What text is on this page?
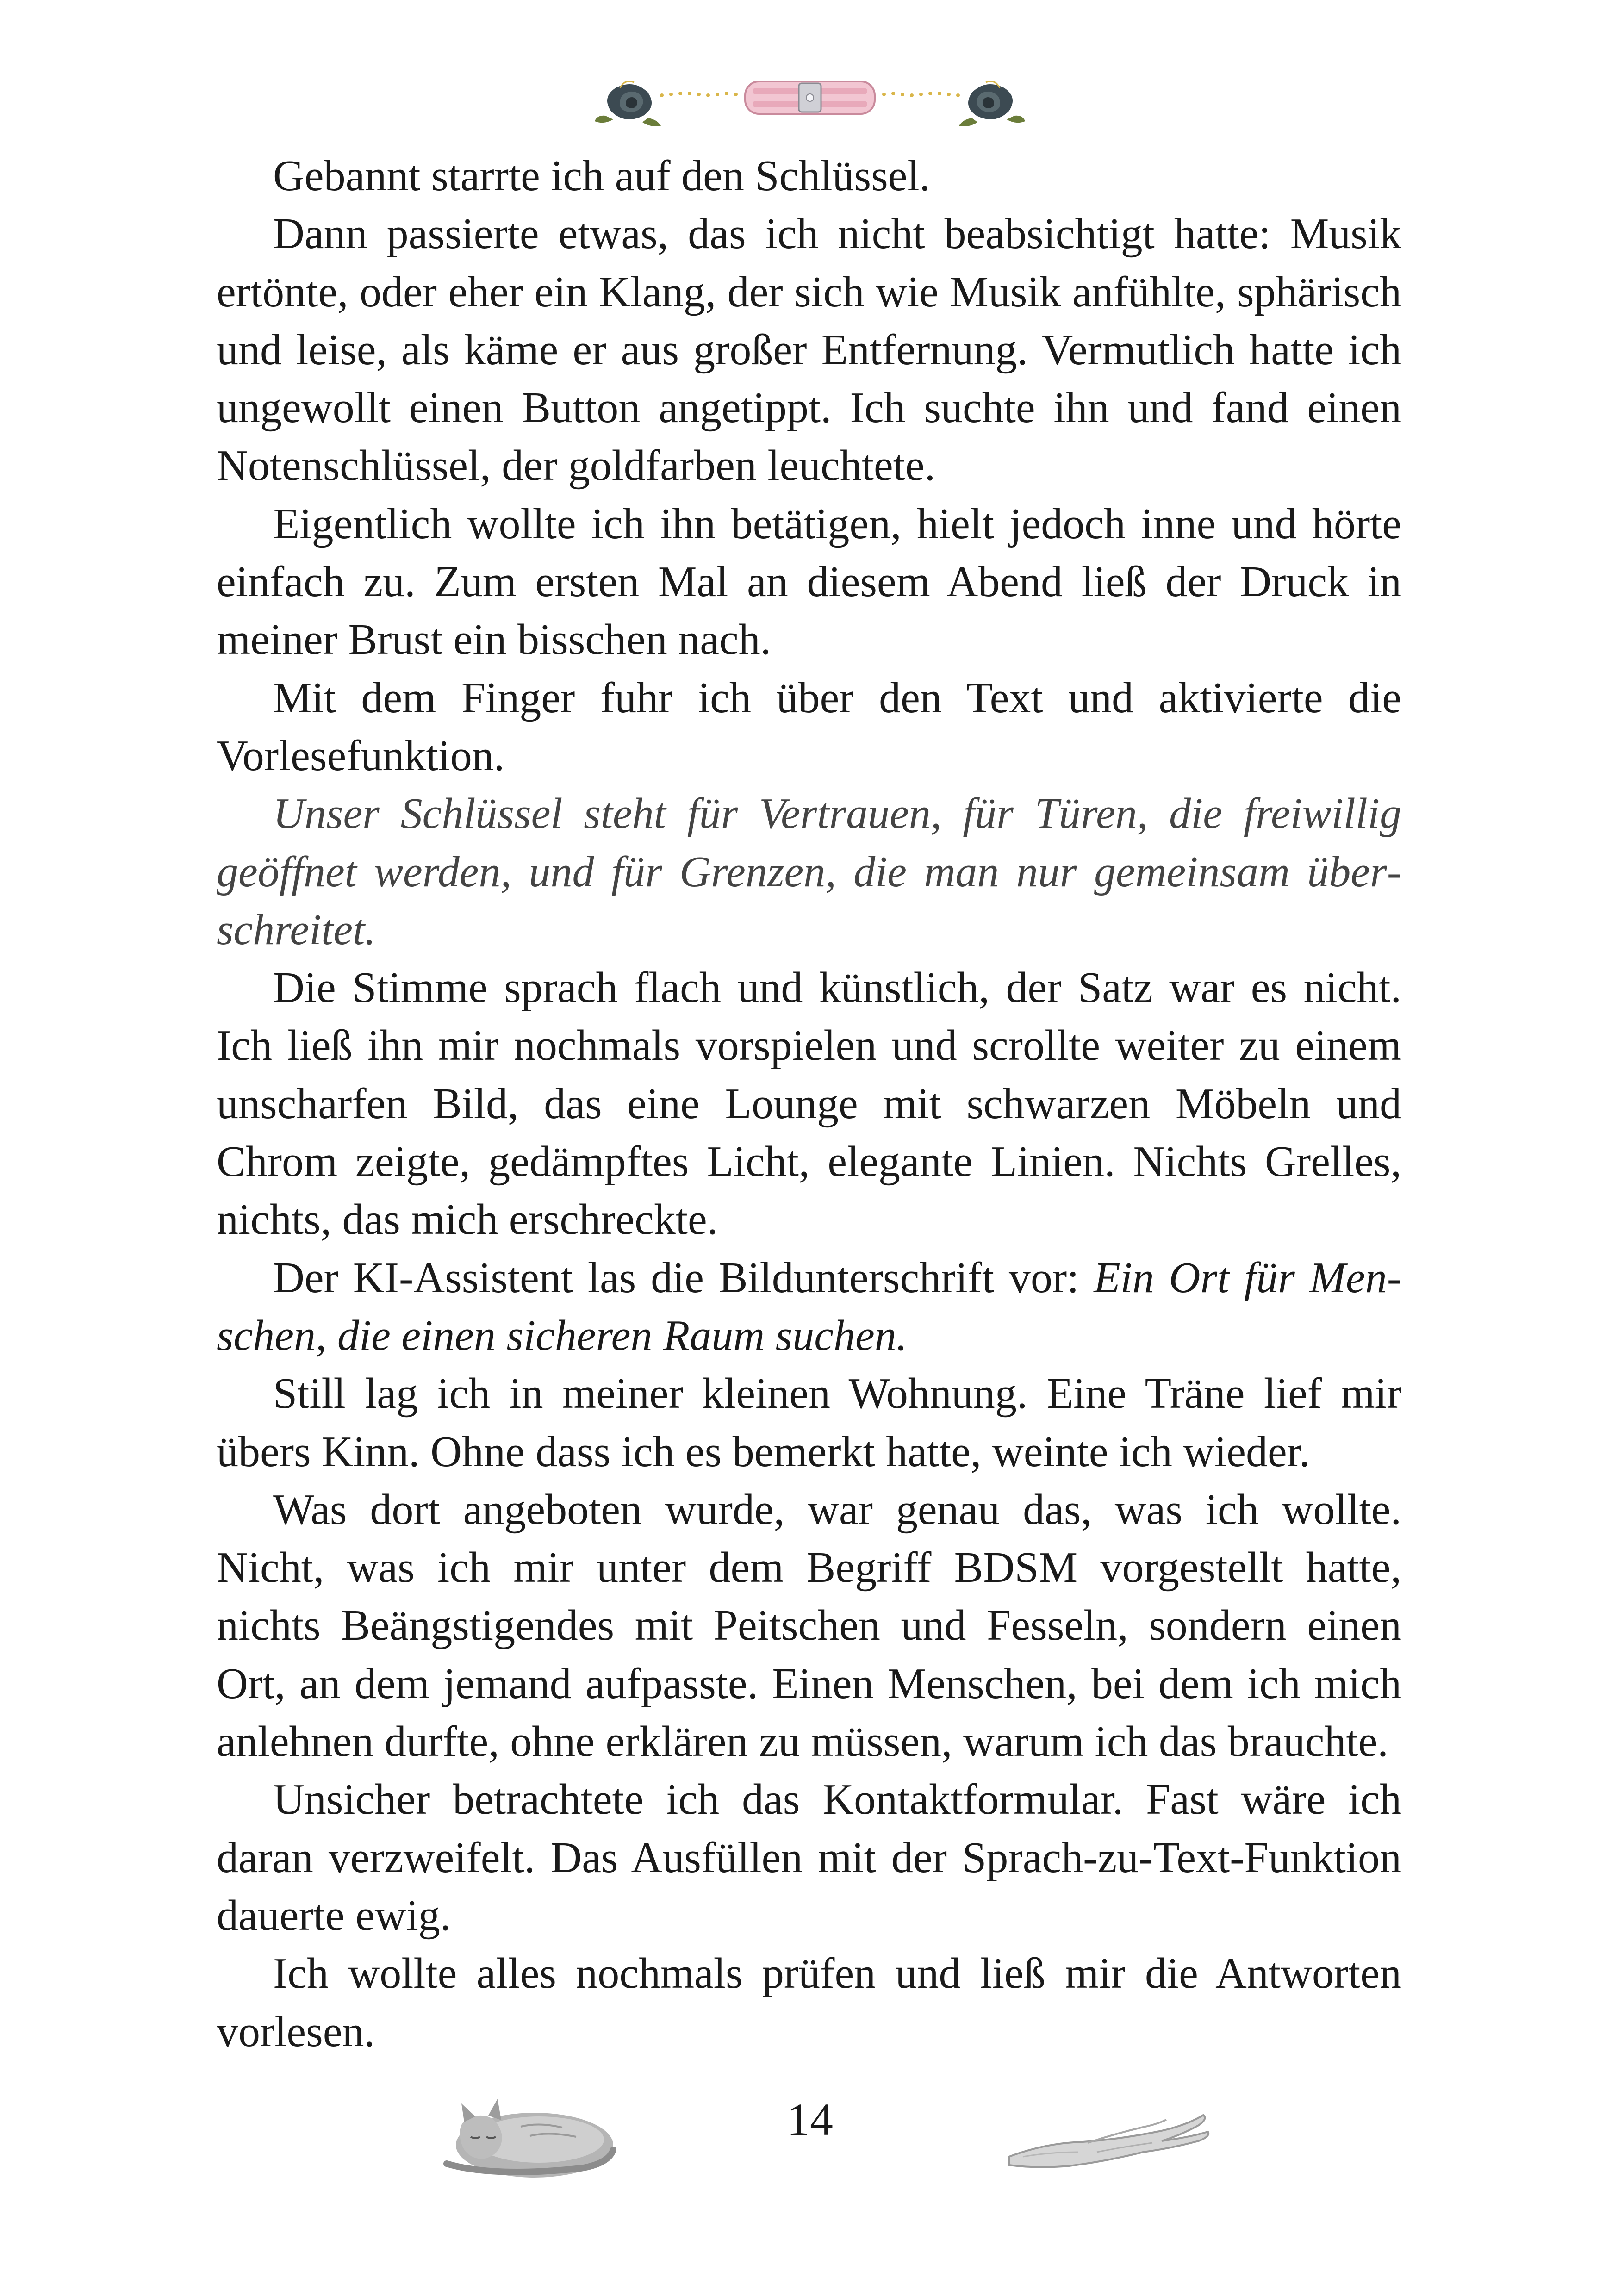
Gebannt starrte ich auf den Schlüssel.

Dann passierte etwas, das ich nicht beabsichtigt hatte: Musik ertönte, oder eher ein Klang, der sich wie Musik anfühlte, sphärisch und leise, als käme er aus großer Entfernung. Vermutlich hatte ich ungewollt einen Button angetippt. Ich suchte ihn und fand einen Notenschlüssel, der goldfarben leuchtete.

Eigentlich wollte ich ihn betätigen, hielt jedoch inne und hörte einfach zu. Zum ersten Mal an diesem Abend ließ der Druck in meiner Brust ein bisschen nach.

Mit dem Finger fuhr ich über den Text und aktivierte die Vorlesefunktion.

Unser Schlüssel steht für Vertrauen, für Türen, die freiwillig geöffnet werden, und für Grenzen, die man nur gemeinsam überschreitet.

Die Stimme sprach flach und künstlich, der Satz war es nicht. Ich ließ ihn mir nochmals vorspielen und scrollte weiter zu einem unscharfen Bild, das eine Lounge mit schwarzen Möbeln und Chrom zeigte, gedämpftes Licht, elegante Linien. Nichts Grelles, nichts, das mich erschreckte.

Der KI-Assistent las die Bildunterschrift vor: Ein Ort für Menschen, die einen sicheren Raum suchen.

Still lag ich in meiner kleinen Wohnung. Eine Träne lief mir übers Kinn. Ohne dass ich es bemerkt hatte, weinte ich wieder.

Was dort angeboten wurde, war genau das, was ich wollte. Nicht, was ich mir unter dem Begriff BDSM vorgestellt hatte, nichts Beängstigendes mit Peitschen und Fesseln, sondern einen Ort, an dem jemand aufpasste. Einen Menschen, bei dem ich mich anlehnen durfte, ohne erklären zu müssen, warum ich das brauchte.

Unsicher betrachtete ich das Kontaktformular. Fast wäre ich daran verzweifelt. Das Ausfüllen mit der Sprach-zu-Text-Funktion dauerte ewig.

Ich wollte alles nochmals prüfen und ließ mir die Antworten vorlesen.

14
